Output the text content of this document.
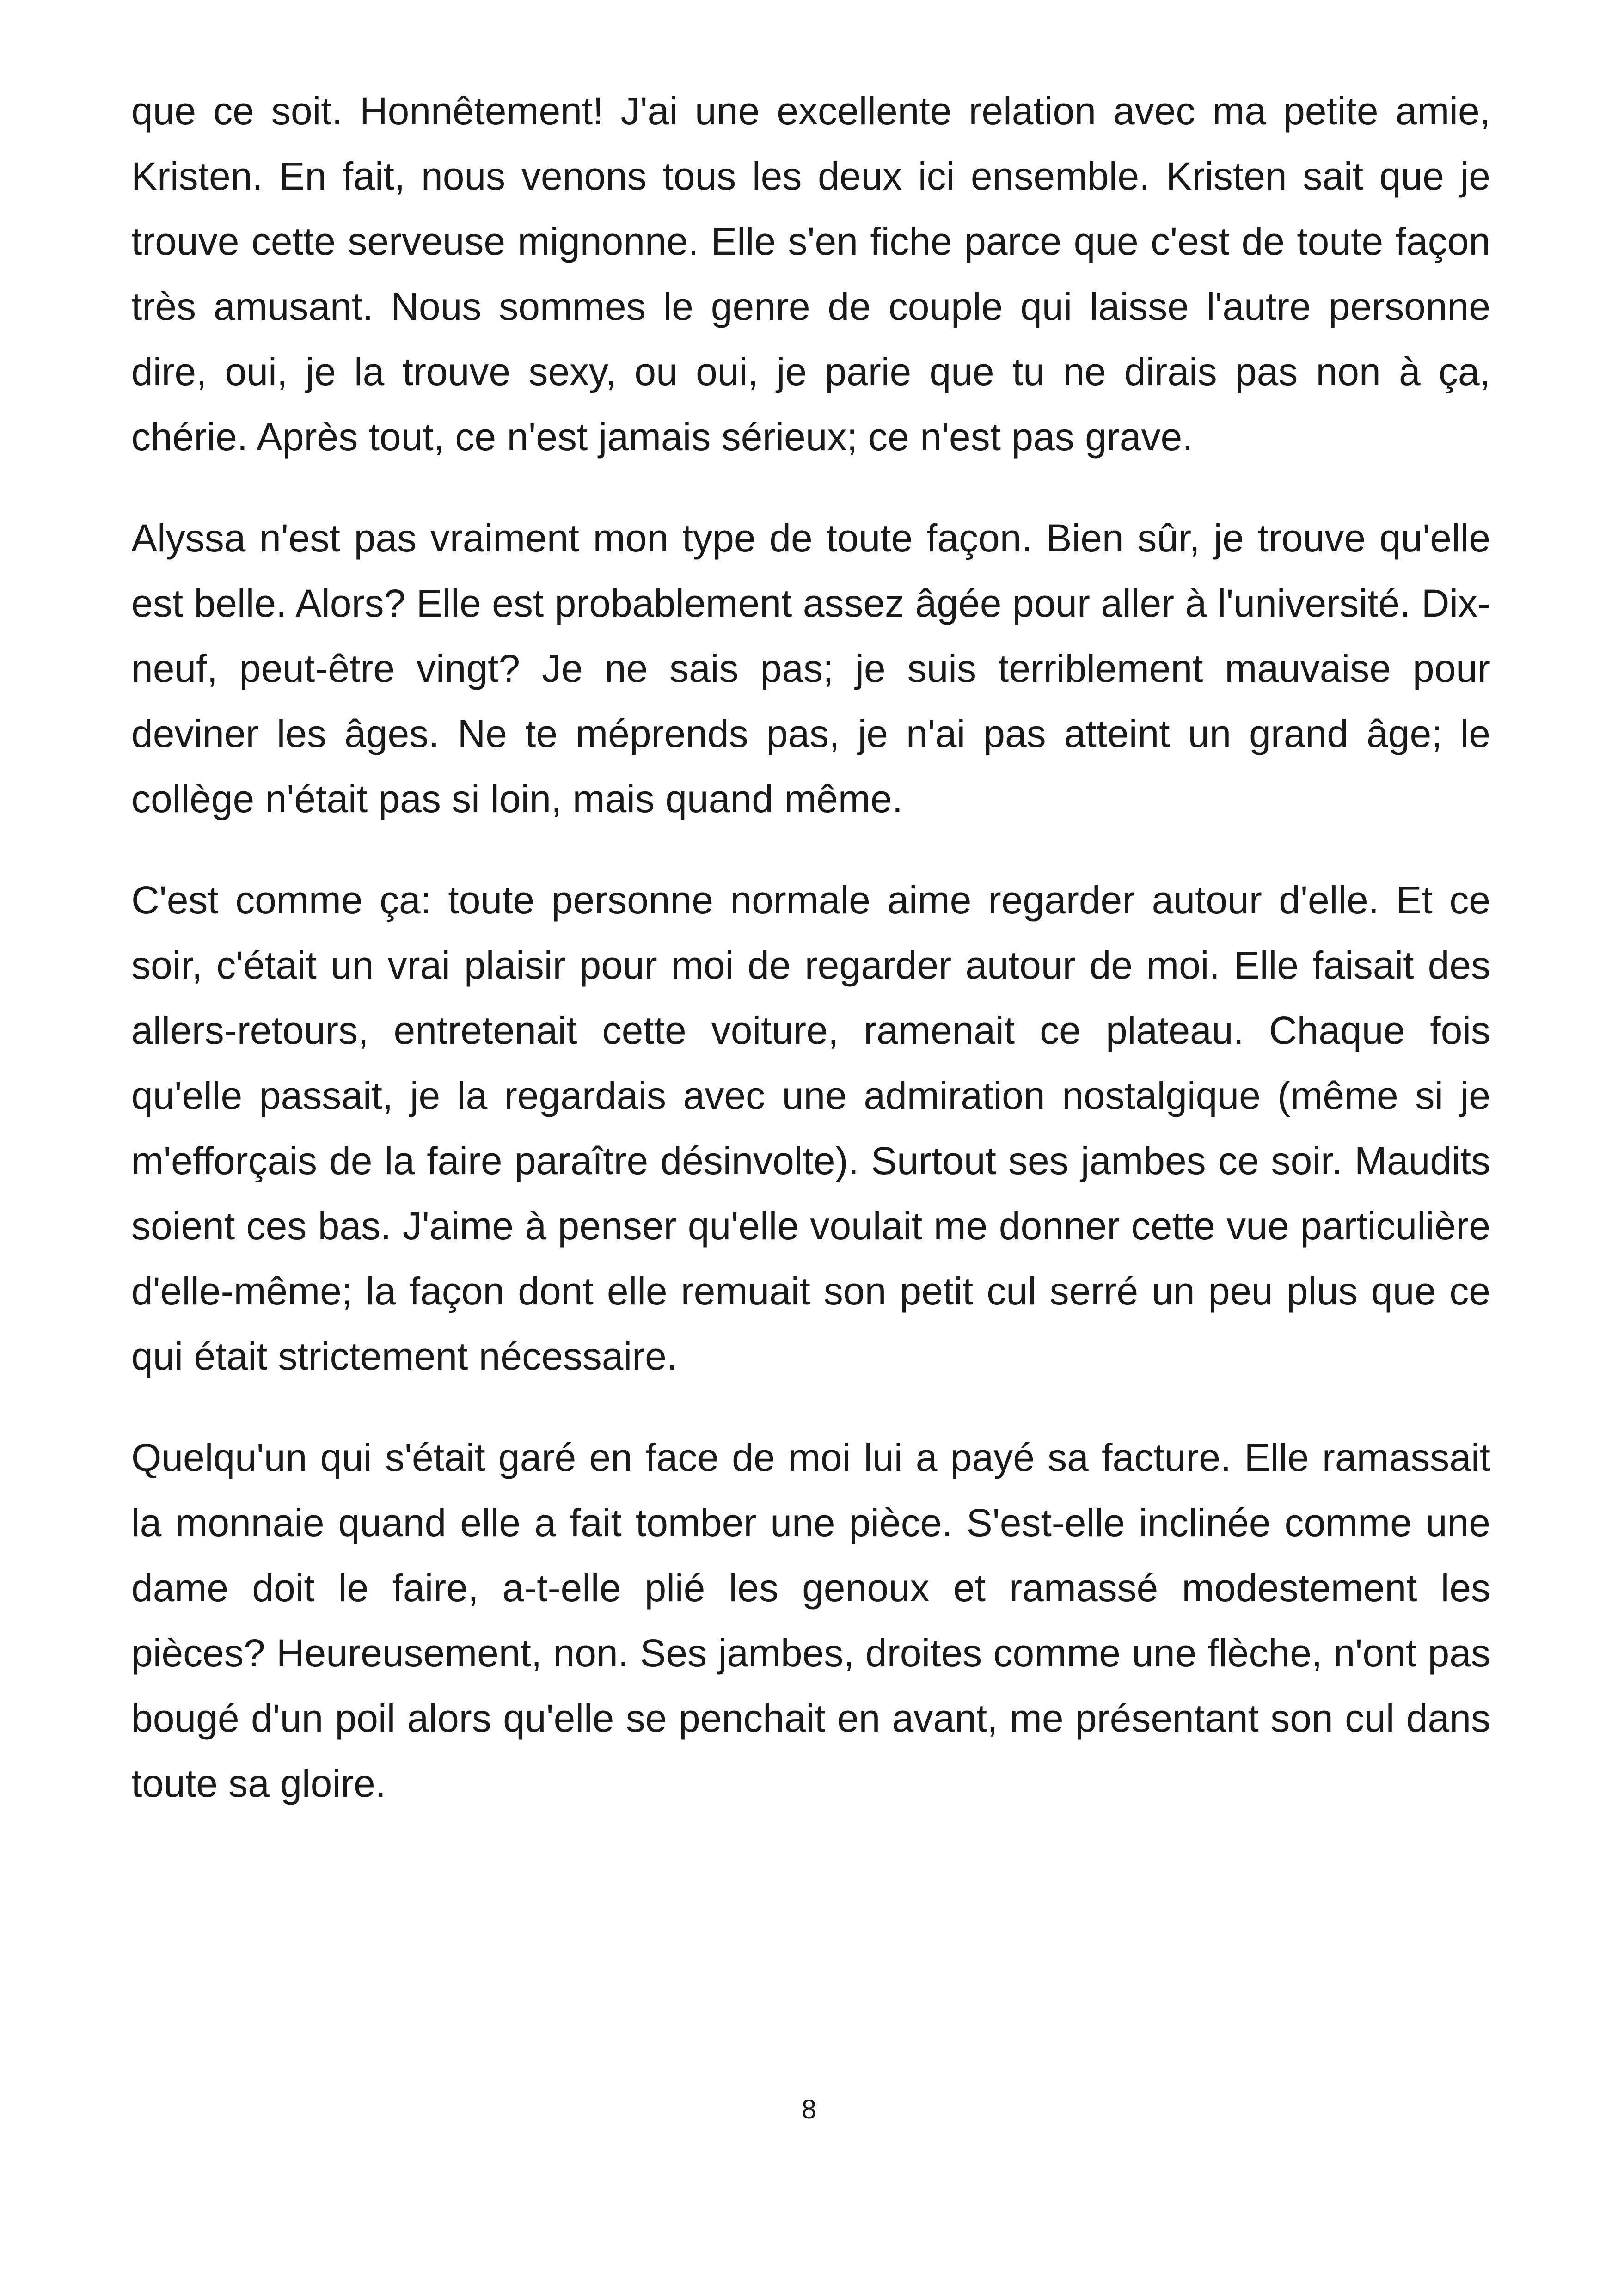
que ce soit. Honnêtement! J'ai une excellente relation avec ma petite amie, Kristen. En fait, nous venons tous les deux ici ensemble. Kristen sait que je trouve cette serveuse mignonne. Elle s'en fiche parce que c'est de toute façon très amusant. Nous sommes le genre de couple qui laisse l'autre personne dire, oui, je la trouve sexy, ou oui, je parie que tu ne dirais pas non à ça, chérie. Après tout, ce n'est jamais sérieux; ce n'est pas grave.

Alyssa n'est pas vraiment mon type de toute façon. Bien sûr, je trouve qu'elle est belle. Alors? Elle est probablement assez âgée pour aller à l'université. Dix-neuf, peut-être vingt? Je ne sais pas; je suis terriblement mauvaise pour deviner les âges. Ne te méprends pas, je n'ai pas atteint un grand âge; le collège n'était pas si loin, mais quand même.

C'est comme ça: toute personne normale aime regarder autour d'elle. Et ce soir, c'était un vrai plaisir pour moi de regarder autour de moi. Elle faisait des allers-retours, entretenait cette voiture, ramenait ce plateau. Chaque fois qu'elle passait, je la regardais avec une admiration nostalgique (même si je m'efforçais de la faire paraître désinvolte). Surtout ses jambes ce soir. Maudits soient ces bas. J'aime à penser qu'elle voulait me donner cette vue particulière d'elle-même; la façon dont elle remuait son petit cul serré un peu plus que ce qui était strictement nécessaire.

Quelqu'un qui s'était garé en face de moi lui a payé sa facture. Elle ramassait la monnaie quand elle a fait tomber une pièce. S'est-elle inclinée comme une dame doit le faire, a-t-elle plié les genoux et ramassé modestement les pièces? Heureusement, non. Ses jambes, droites comme une flèche, n'ont pas bougé d'un poil alors qu'elle se penchait en avant, me présentant son cul dans toute sa gloire.

8
